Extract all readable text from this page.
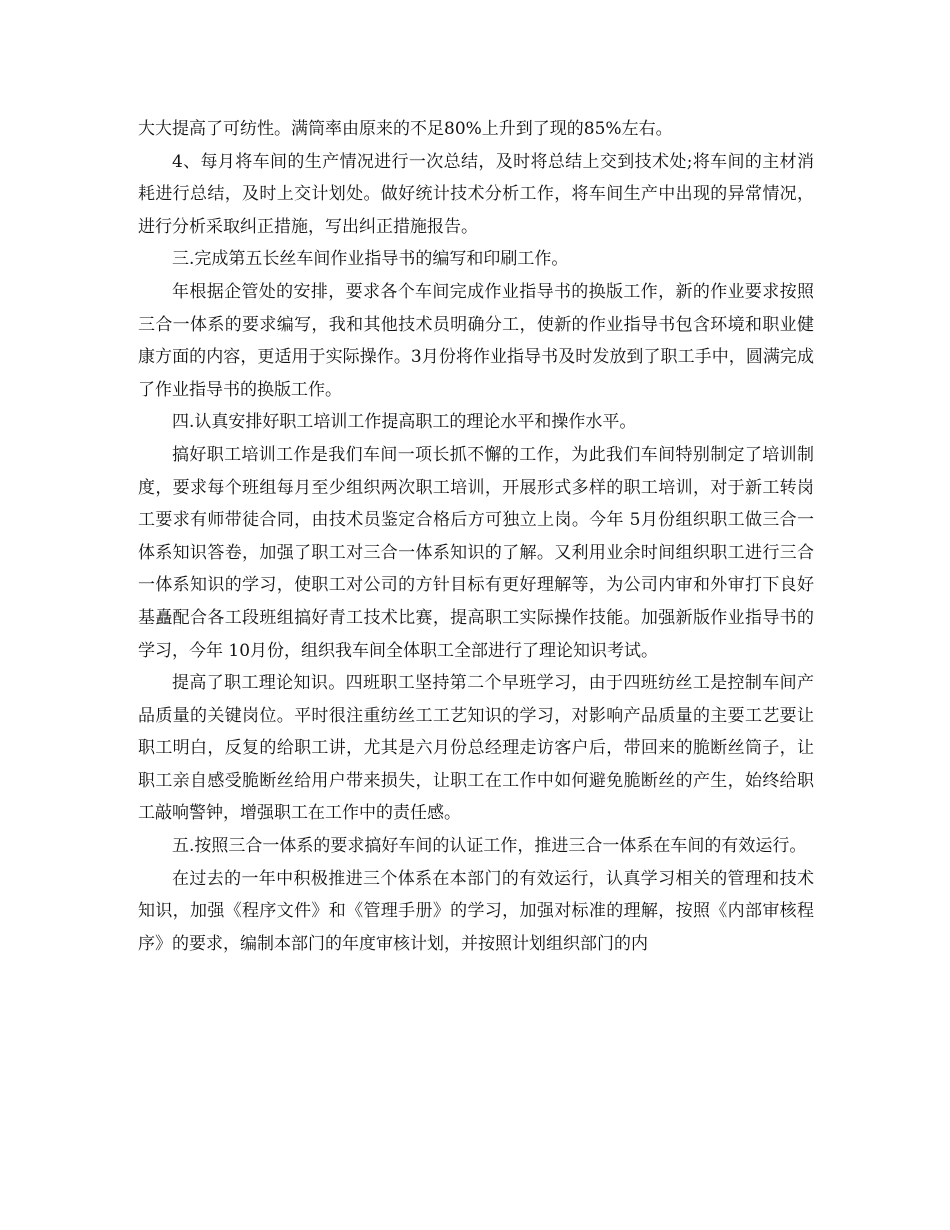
大大提高了可纺性。满筒率由原来的不足80%上升到了现的85%左右。

4、每月将车间的生产情况进行一次总结，及时将总结上交到技术处;将车间的主材消耗进行总结，及时上交计划处。做好统计技术分析工作，将车间生产中出现的异常情况，进行分析采取纠正措施，写出纠正措施报告。

三.完成第五长丝车间作业指导书的编写和印刷工作。

年根据企管处的安排，要求各个车间完成作业指导书的换版工作，新的作业要求按照三合一体系的要求编写，我和其他技术员明确分工，使新的作业指导书包含环境和职业健康方面的内容，更适用于实际操作。3月份将作业指导书及时发放到了职工手中，圆满完成了作业指导书的换版工作。

四.认真安排好职工培训工作提高职工的理论水平和操作水平。

搞好职工培训工作是我们车间一项长抓不懈的工作，为此我们车间特别制定了培训制度，要求每个班组每月至少组织两次职工培训，开展形式多样的职工培训，对于新工转岗工要求有师带徒合同，由技术员鉴定合格后方可独立上岗。今年 5月份组织职工做三合一体系知识答卷，加强了职工对三合一体系知识的了解。又利用业余时间组织职工进行三合一体系知识的学习，使职工对公司的方针目标有更好理解等，为公司内审和外审打下良好基矗配合各工段班组搞好青工技术比赛，提高职工实际操作技能。加强新版作业指导书的学习，今年 10月份，组织我车间全体职工全部进行了理论知识考试。

提高了职工理论知识。四班职工坚持第二个早班学习，由于四班纺丝工是控制车间产品质量的关键岗位。平时很注重纺丝工工艺知识的学习，对影响产品质量的主要工艺要让职工明白，反复的给职工讲，尤其是六月份总经理走访客户后，带回来的脆断丝筒子，让职工亲自感受脆断丝给用户带来损失，让职工在工作中如何避免脆断丝的产生，始终给职工敲响警钟，增强职工在工作中的责任感。

五.按照三合一体系的要求搞好车间的认证工作，推进三合一体系在车间的有效运行。

在过去的一年中积极推进三个体系在本部门的有效运行，认真学习相关的管理和技术知识，加强《程序文件》和《管理手册》的学习，加强对标准的理解，按照《内部审核程序》的要求，编制本部门的年度审核计划，并按照计划组织部门的内
